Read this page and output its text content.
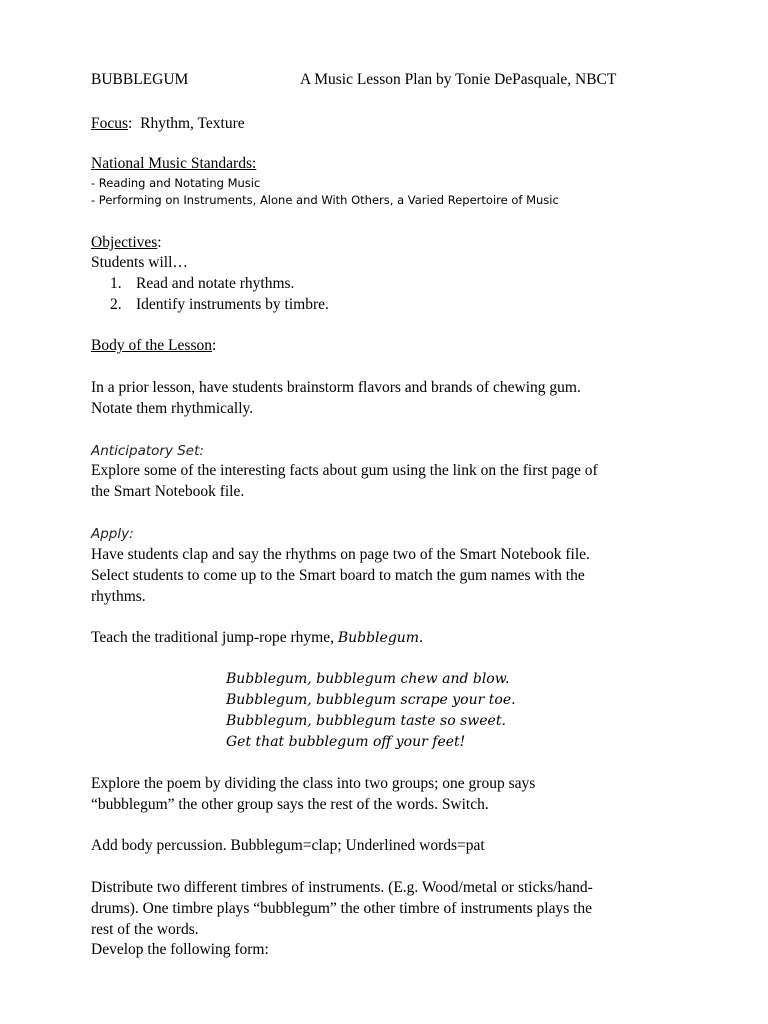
BUBBLEGUM	A Music Lesson Plan by Tonie DePasquale, NBCT
Focus:  Rhythm, Texture
National Music Standards:
- Reading and Notating Music
- Performing on Instruments, Alone and With Others, a Varied Repertoire of Music
Objectives:
Students will…
1. Read and notate rhythms.
2. Identify instruments by timbre.
Body of the Lesson:
In a prior lesson, have students brainstorm flavors and brands of chewing gum.
Notate them rhythmically.
Anticipatory Set:
Explore some of the interesting facts about gum using the link on the first page of
the Smart Notebook file.
Apply:
Have students clap and say the rhythms on page two of the Smart Notebook file.
Select students to come up to the Smart board to match the gum names with the
rhythms.
Teach the traditional jump-rope rhyme, Bubblegum.
Bubblegum, bubblegum chew and blow.
Bubblegum, bubblegum scrape your toe.
Bubblegum, bubblegum taste so sweet.
Get that bubblegum off your feet!
Explore the poem by dividing the class into two groups; one group says
“bubblegum” the other group says the rest of the words. Switch.
Add body percussion. Bubblegum=clap; Underlined words=pat
Distribute two different timbres of instruments. (E.g. Wood/metal or sticks/hand-
drums). One timbre plays “bubblegum” the other timbre of instruments plays the
rest of the words.
Develop the following form:
